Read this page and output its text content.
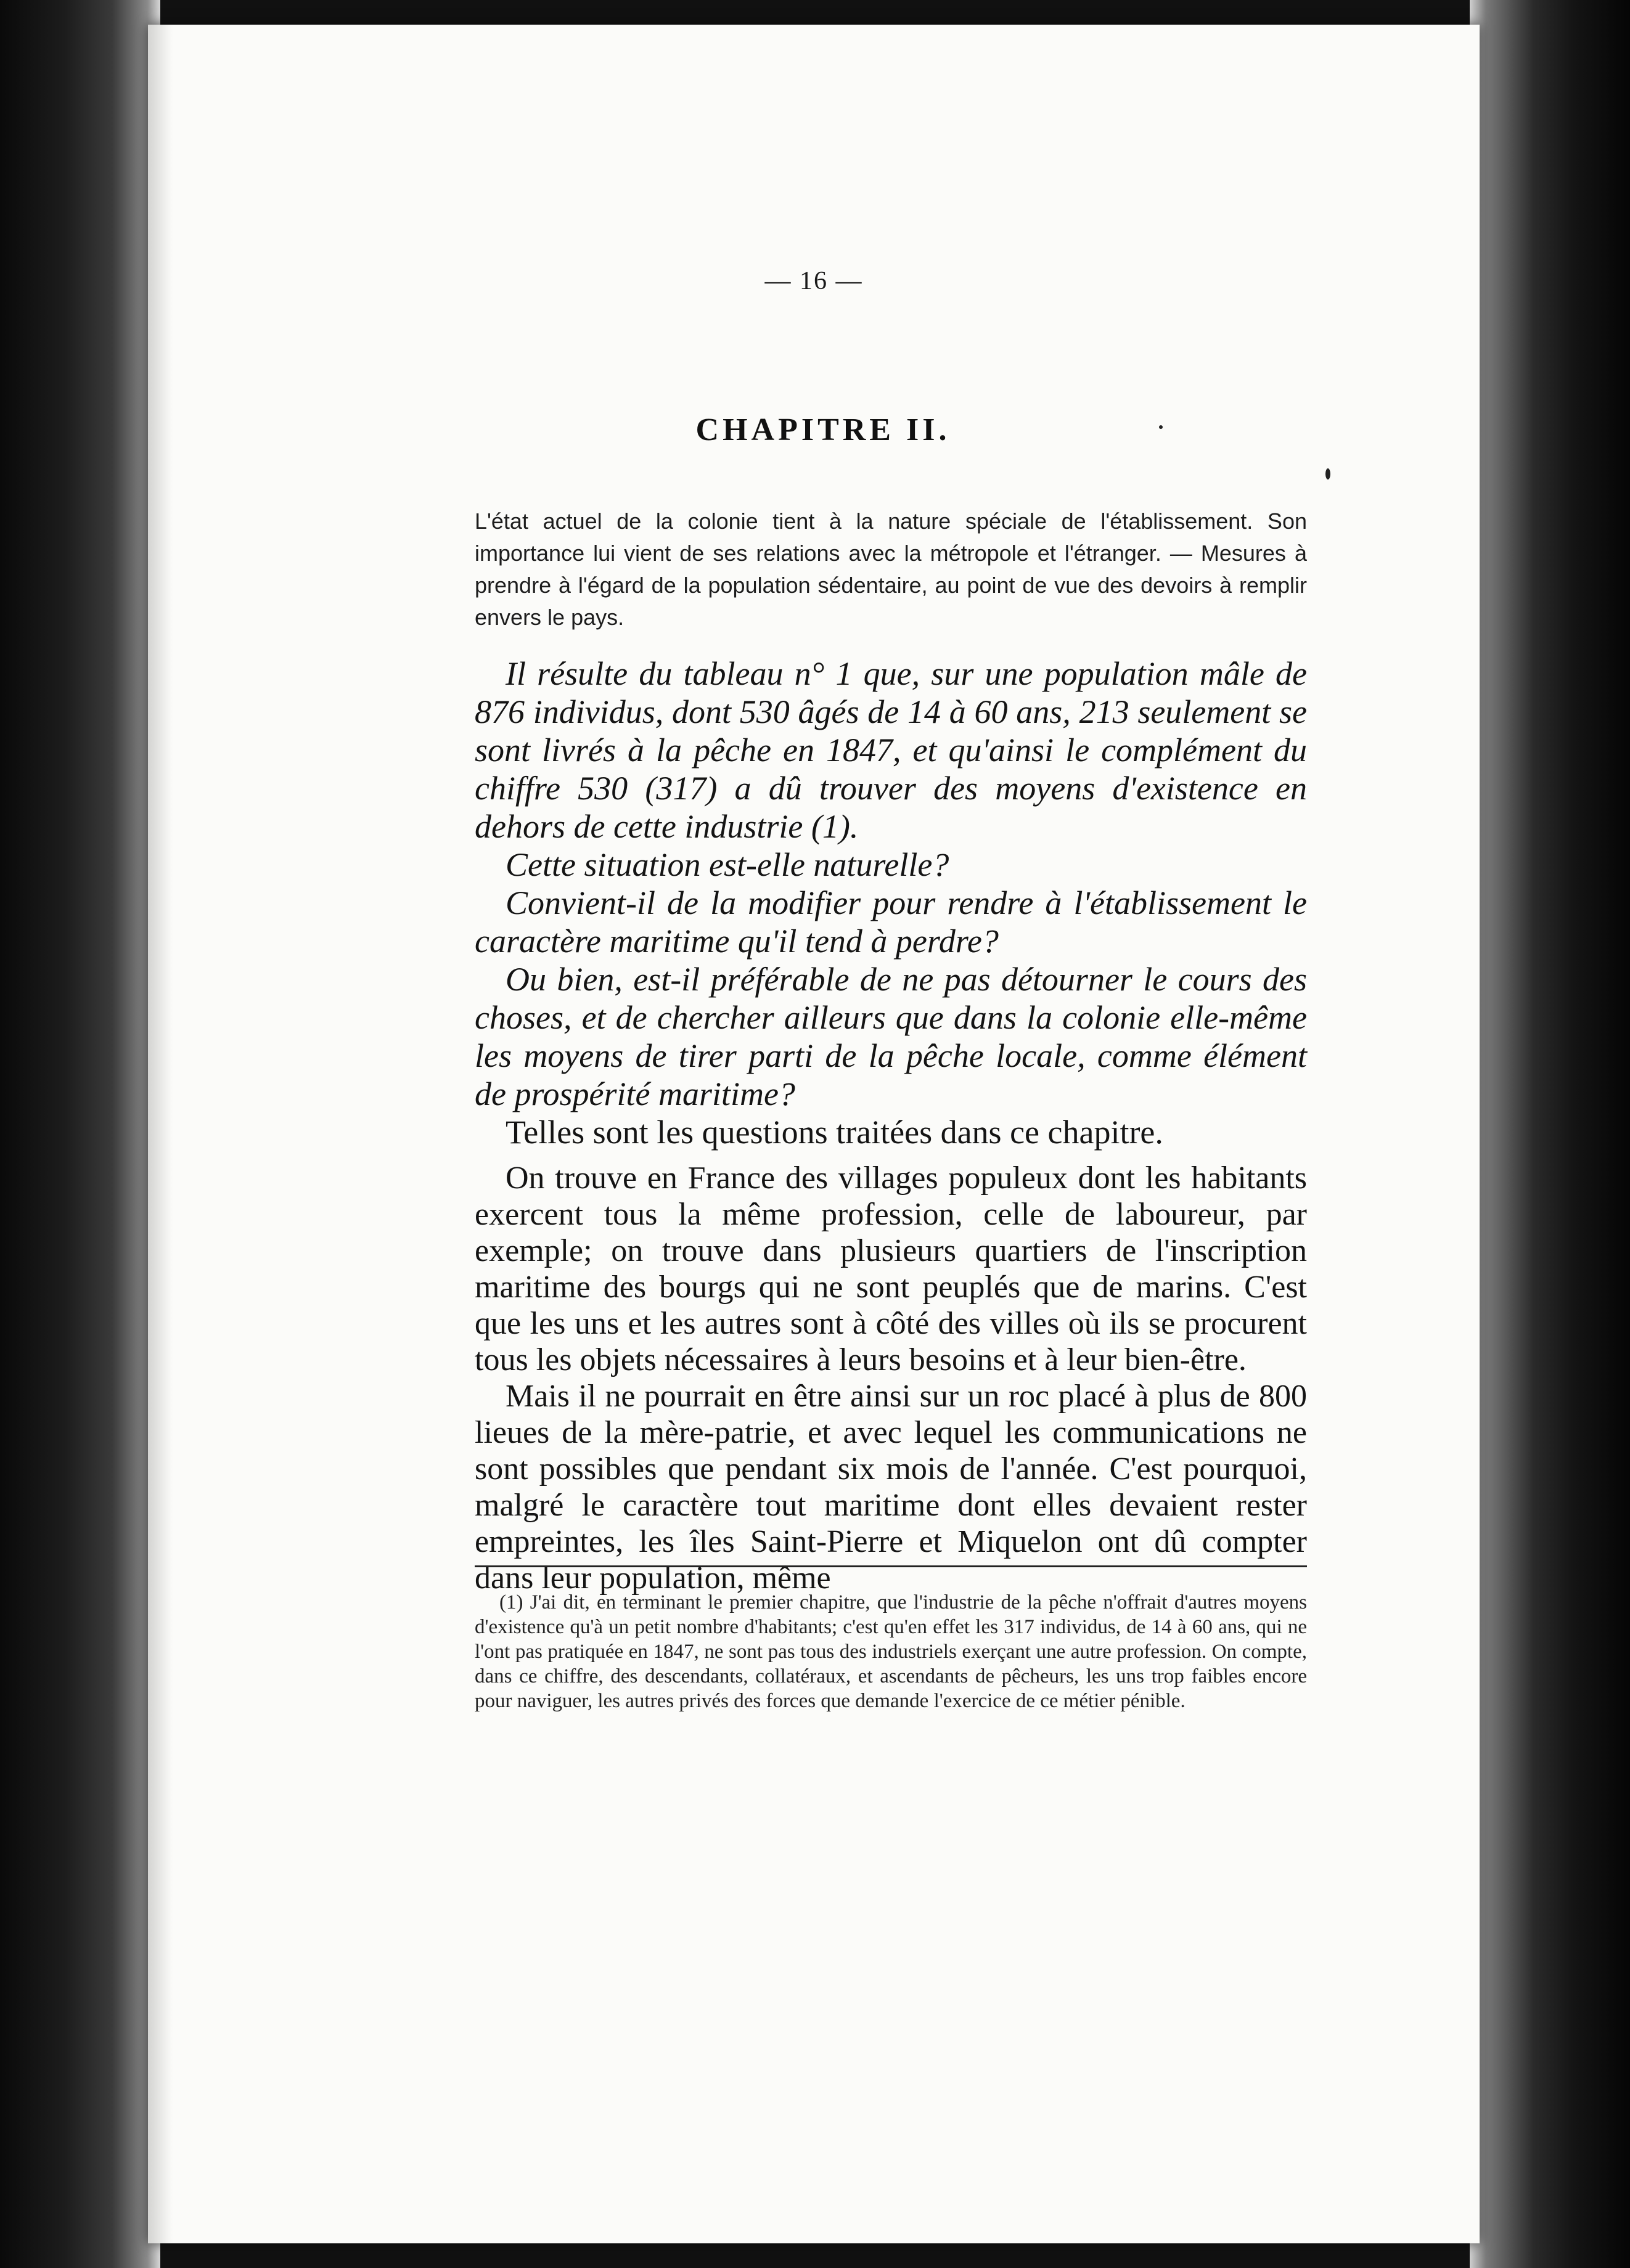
— 16 —
CHAPITRE II.
L'état actuel de la colonie tient à la nature spéciale de l'établissement. Son importance lui vient de ses relations avec la métropole et l'étranger. — Mesures à prendre à l'égard de la population sédentaire, au point de vue des devoirs à remplir envers le pays.

Il résulte du tableau n° 1 que, sur une population mâle de 876 individus, dont 530 âgés de 14 à 60 ans, 213 seulement se sont livrés à la pêche en 1847, et qu'ainsi le complément du chiffre 530 (317) a dû trouver des moyens d'existence en dehors de cette industrie (1).

Cette situation est-elle naturelle?

Convient-il de la modifier pour rendre à l'établissement le caractère maritime qu'il tend à perdre?

Ou bien, est-il préférable de ne pas détourner le cours des choses, et de chercher ailleurs que dans la colonie elle-même les moyens de tirer parti de la pêche locale, comme élément de prospérité maritime?

Telles sont les questions traitées dans ce chapitre.

On trouve en France des villages populeux dont les habitants exercent tous la même profession, celle de laboureur, par exemple; on trouve dans plusieurs quartiers de l'inscription maritime des bourgs qui ne sont peuplés que de marins. C'est que les uns et les autres sont à côté des villes où ils se procurent tous les objets nécessaires à leurs besoins et à leur bien-être.

Mais il ne pourrait en être ainsi sur un roc placé à plus de 800 lieues de la mère-patrie, et avec lequel les communications ne sont possibles que pendant six mois de l'année. C'est pourquoi, malgré le caractère tout maritime dont elles devaient rester empreintes, les îles Saint-Pierre et Miquelon ont dû compter dans leur population, même

(1) J'ai dit, en terminant le premier chapitre, que l'industrie de la pêche n'offrait d'autres moyens d'existence qu'à un petit nombre d'habitants; c'est qu'en effet les 317 individus, de 14 à 60 ans, qui ne l'ont pas pratiquée en 1847, ne sont pas tous des industriels exerçant une autre profession. On compte, dans ce chiffre, des descendants, collatéraux, et ascendants de pêcheurs, les uns trop faibles encore pour naviguer, les autres privés des forces que demande l'exercice de ce métier pénible.
